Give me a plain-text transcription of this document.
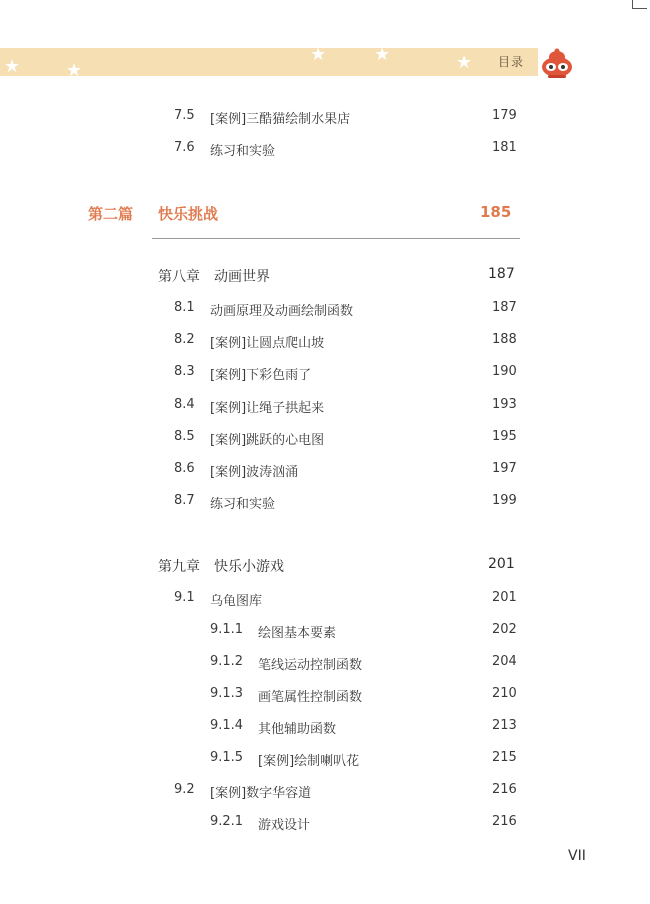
★	★
★	★	★ 目录
7.5 [案例]三酷猫绘制水果店	179
7.6 练习和实验	181
第二篇 快乐挑战	185
第八章　动画世界	187
8.1 动画原理及动画绘制函数	187
8.2 [案例]让圆点爬山坡	188
8.3 [案例]下彩色雨了	190
8.4 [案例]让绳子拱起来	193
8.5 [案例]跳跃的心电图	195
8.6 [案例]波涛汹涌	197
8.7 练习和实验	199
第九章　快乐小游戏	201
9.1 乌龟图库	201
9.1.1 绘图基本要素	202
9.1.2 笔线运动控制函数	204
9.1.3 画笔属性控制函数	210
9.1.4 其他辅助函数	213
9.1.5 [案例]绘制喇叭花	215
9.2 [案例]数字华容道	216
9.2.1 游戏设计	216
VII
